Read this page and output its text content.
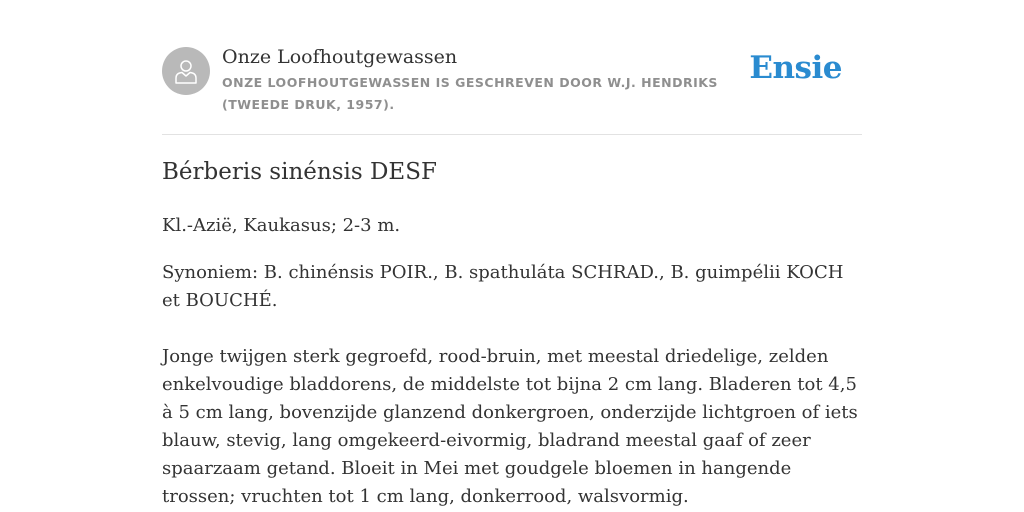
Onze Loofhoutgewassen
ONZE LOOFHOUTGEWASSEN IS GESCHREVEN DOOR W.J. HENDRIKS (TWEEDE DRUK, 1957).
Ensie
Bérberis sinénsis DESF
Kl.-Azië, Kaukasus; 2-3 m.
Synoniem: B. chinénsis POIR., B. spathuláta SCHRAD., B. guimpélii KOCH et BOUCHÉ.
Jonge twijgen sterk gegroefd, rood-bruin, met meestal driedelige, zelden enkelvoudige bladdorens, de middelste tot bijna 2 cm lang. Bladeren tot 4,5 à 5 cm lang, bovenzijde glanzend donkergroen, onderzijde lichtgroen of iets blauw, stevig, lang omgekeerd-eivormig, bladrand meestal gaaf of zeer spaarzaam getand. Bloeit in Mei met goudgele bloemen in hangende trossen; vruchten tot 1 cm lang, donkerrood, walsvormig.
